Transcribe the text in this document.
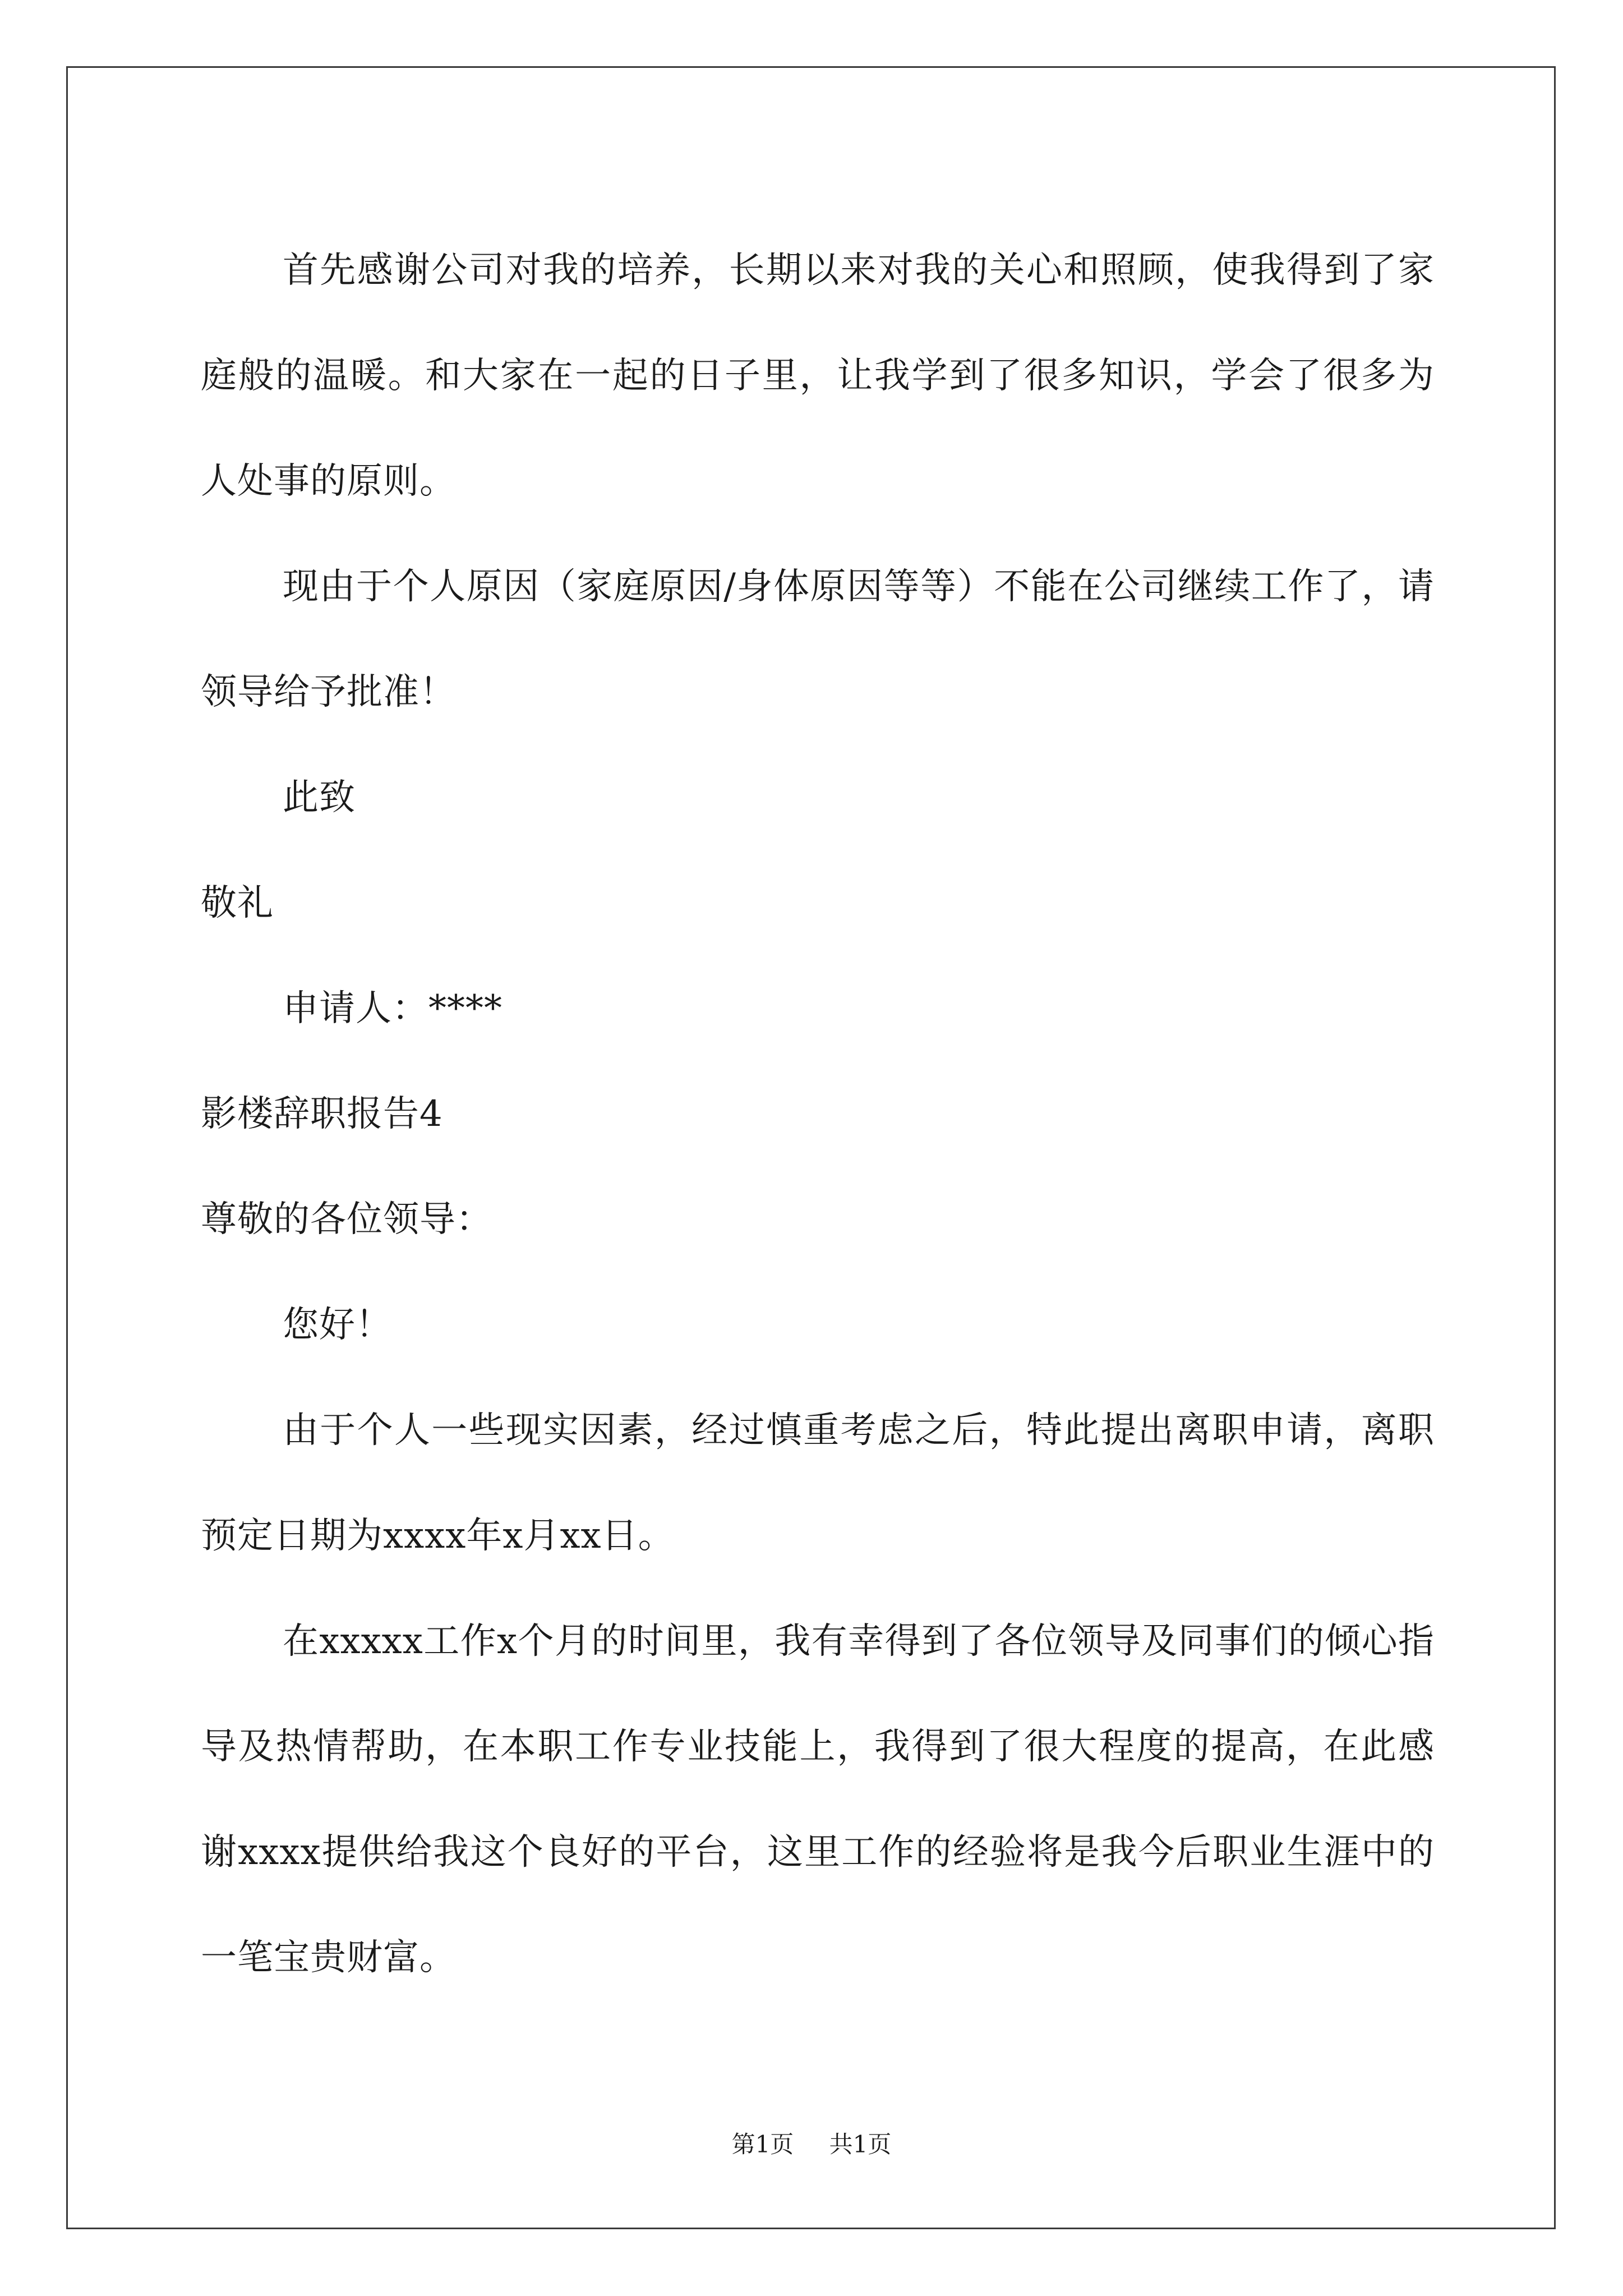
首先感谢公司对我的培养，长期以来对我的关心和照顾，使我得到了家庭般的温暖。和大家在一起的日子里，让我学到了很多知识，学会了很多为人处事的原则。

现由于个人原因（家庭原因/身体原因等等）不能在公司继续工作了，请领导给予批准！

此致

敬礼

申请人：****

影楼辞职报告4

尊敬的各位领导：

您好！

由于个人一些现实因素，经过慎重考虑之后，特此提出离职申请，离职预定日期为xxxx年x月xx日。

在xxxxx工作x个月的时间里，我有幸得到了各位领导及同事们的倾心指导及热情帮助，在本职工作专业技能上，我得到了很大程度的提高，在此感谢xxxx提供给我这个良好的平台，这里工作的经验将是我今后职业生涯中的一笔宝贵财富。

第1页 共1页
